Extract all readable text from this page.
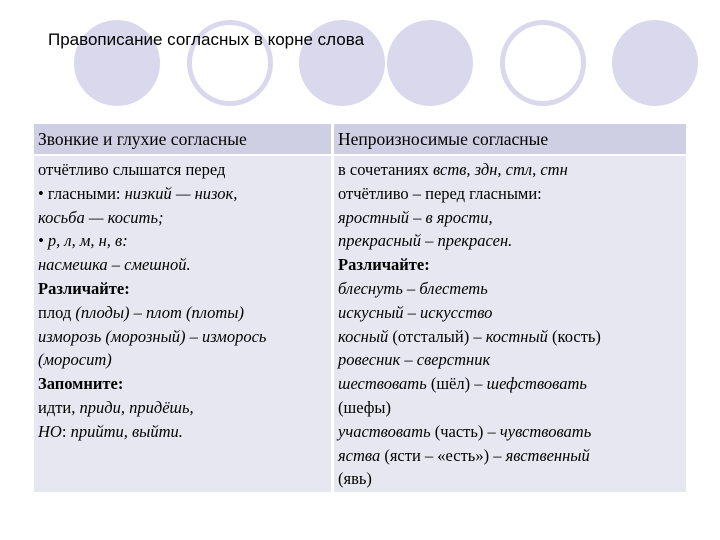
Правописание согласных в корне слова
Звонкие и глухие согласные	Непроизносимые согласные
отчётливо слышатся перед
• гласными: низкий — низок,
косьба — косить;
• р, л, м, н, в:
насмешка – смешной.
Различайте:
плод (плоды) – плот (плоты)
изморозь (морозный) – изморось
(моросит)
Запомните:
идти, приди, придёшь,
НО: прийти, выйти.
в сочетаниях вств, здн, стл, стн
отчётливо – перед гласными:
яростный – в ярости,
прекрасный – прекрасен.
Различайте:
блеснуть – блестеть
искусный – искусство
косный (отсталый) – костный (кость)
ровесник – сверстник
шествовать (шёл) – шефствовать
(шефы)
участвовать (часть) – чувствовать
яства (ясти – «есть») – явственный
(явь)
